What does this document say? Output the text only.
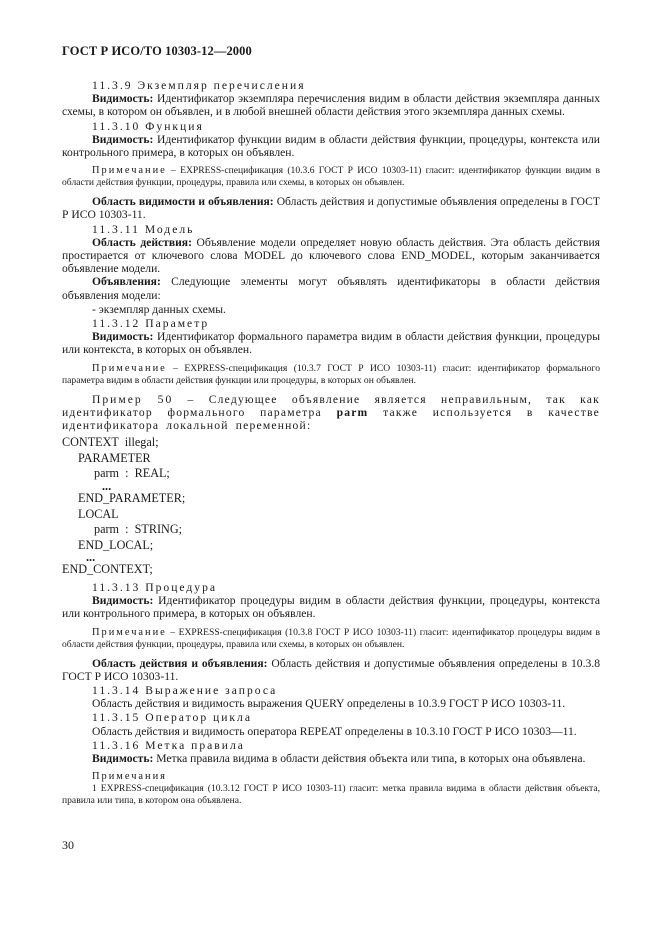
ГОСТ Р ИСО/ТО 10303-12—2000

11.3.9 Экземпляр перечисления

Видимость: Идентификатор экземпляра перечисления видим в области действия экземпляра данных схемы, в котором он объявлен, и в любой внешней области действия этого экземпляра данных схемы.

11.3.10 Функция

Видимость: Идентификатор функции видим в области действия функции, процедуры, контекста или контрольного примера, в которых он объявлен.

Примечание – EXPRESS-спецификация (10.3.6 ГОСТ Р ИСО 10303-11) гласит: идентификатор функции видим в области действия функции, процедуры, правила или схемы, в которых он объявлен.

Область видимости и объявления: Область действия и допустимые объявления определены в ГОСТ Р ИСО 10303-11.

11.3.11 Модель

Область действия: Объявление модели определяет новую область действия. Эта область действия простирается от ключевого слова MODEL до ключевого слова END_MODEL, которым заканчивается объявление модели.

Объявления: Следующие элементы могут объявлять идентификаторы в области действия объявления модели:

- экземпляр данных схемы.

11.3.12 Параметр

Видимость: Идентификатор формального параметра видим в области действия функции, процедуры или контекста, в которых он объявлен.

Примечание – EXPRESS-спецификация (10.3.7 ГОСТ Р ИСО 10303-11) гласит: идентификатор формального параметра видим в области действия функции или процедуры, в которых он объявлен.

Пример 50 – Следующее объявление является неправильным, так как идентификатор формального параметра parm также используется в качестве идентификатора локальной переменной:

CONTEXT  illegal;
PARAMETER
parm  :  REAL;
...
END_PARAMETER;
LOCAL
parm  :  STRING;
END_LOCAL;
...
END_CONTEXT;

11.3.13 Процедура

Видимость: Идентификатор процедуры видим в области действия функции, процедуры, контекста или контрольного примера, в которых он объявлен.

Примечание – EXPRESS-спецификация (10.3.8 ГОСТ Р ИСО 10303-11) гласит: идентификатор процедуры видим в области действия функции, процедуры, правила или схемы, в которых он объявлен.

Область действия и объявления: Область действия и допустимые объявления определены в 10.3.8 ГОСТ Р ИСО 10303-11.

11.3.14 Выражение запроса

Область действия и видимость выражения QUERY определены в 10.3.9 ГОСТ Р ИСО 10303-11.

11.3.15 Оператор цикла

Область действия и видимость оператора REPEAT определены в 10.3.10 ГОСТ Р ИСО 10303—11.

11.3.16 Метка правила

Видимость: Метка правила видима в области действия объекта или типа, в которых она объявлена.

Примечания

1 EXPRESS-спецификация (10.3.12 ГОСТ Р ИСО 10303-11) гласит: метка правила видима в области действия объекта, правила или типа, в котором она объявлена.

30
